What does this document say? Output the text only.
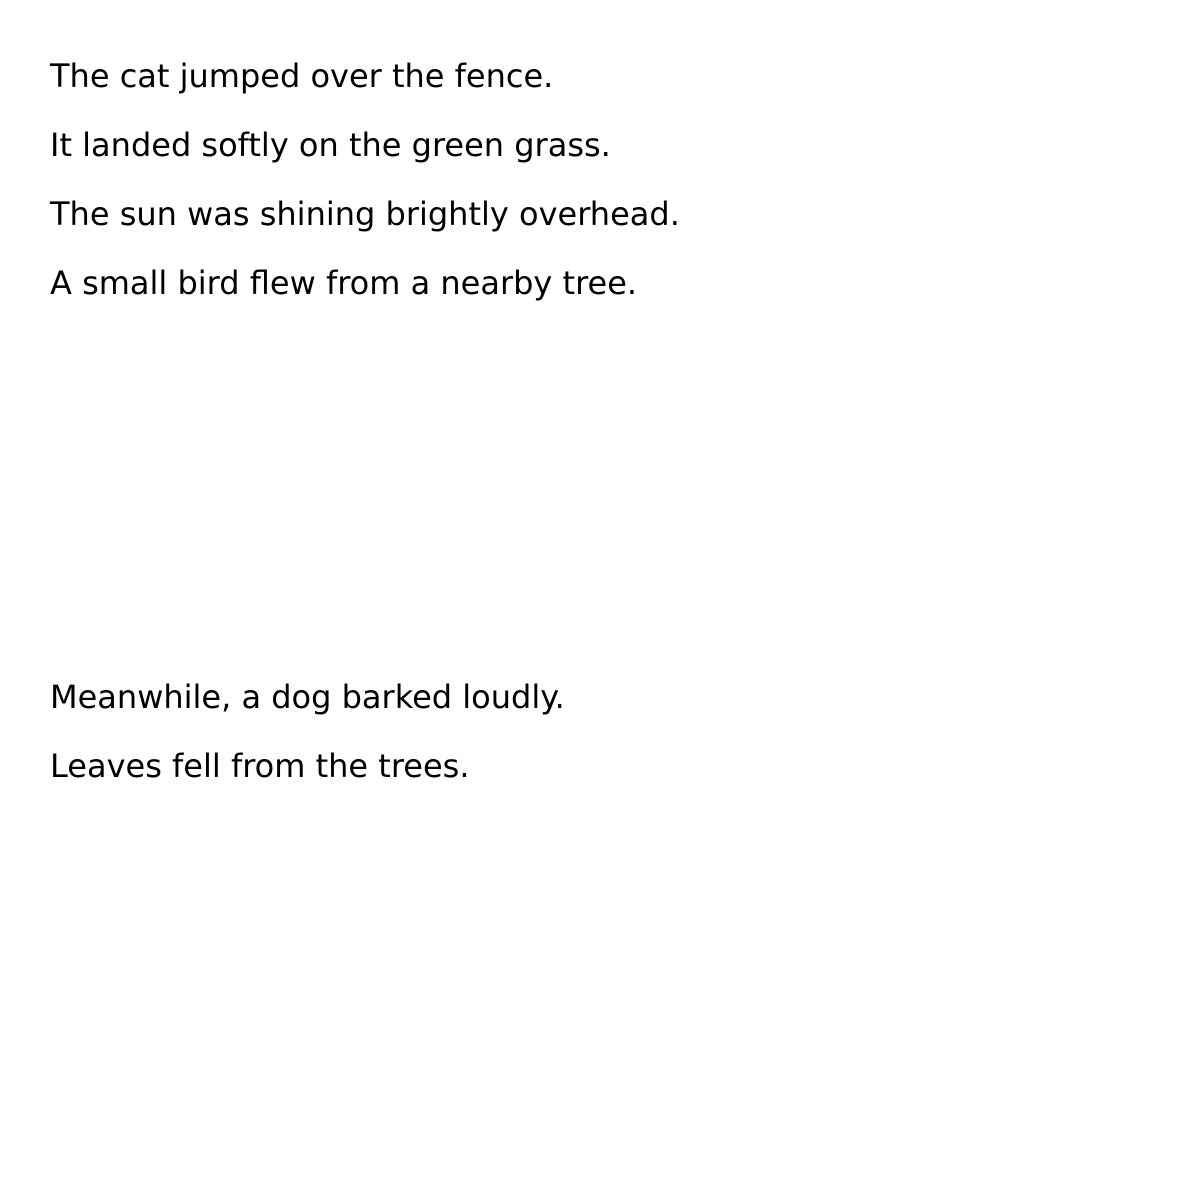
The cat jumped over the fence.

It landed softly on the green grass.

The sun was shining brightly overhead.

A small bird flew from a nearby tree.

Meanwhile, a dog barked loudly.

Leaves fell from the trees.
